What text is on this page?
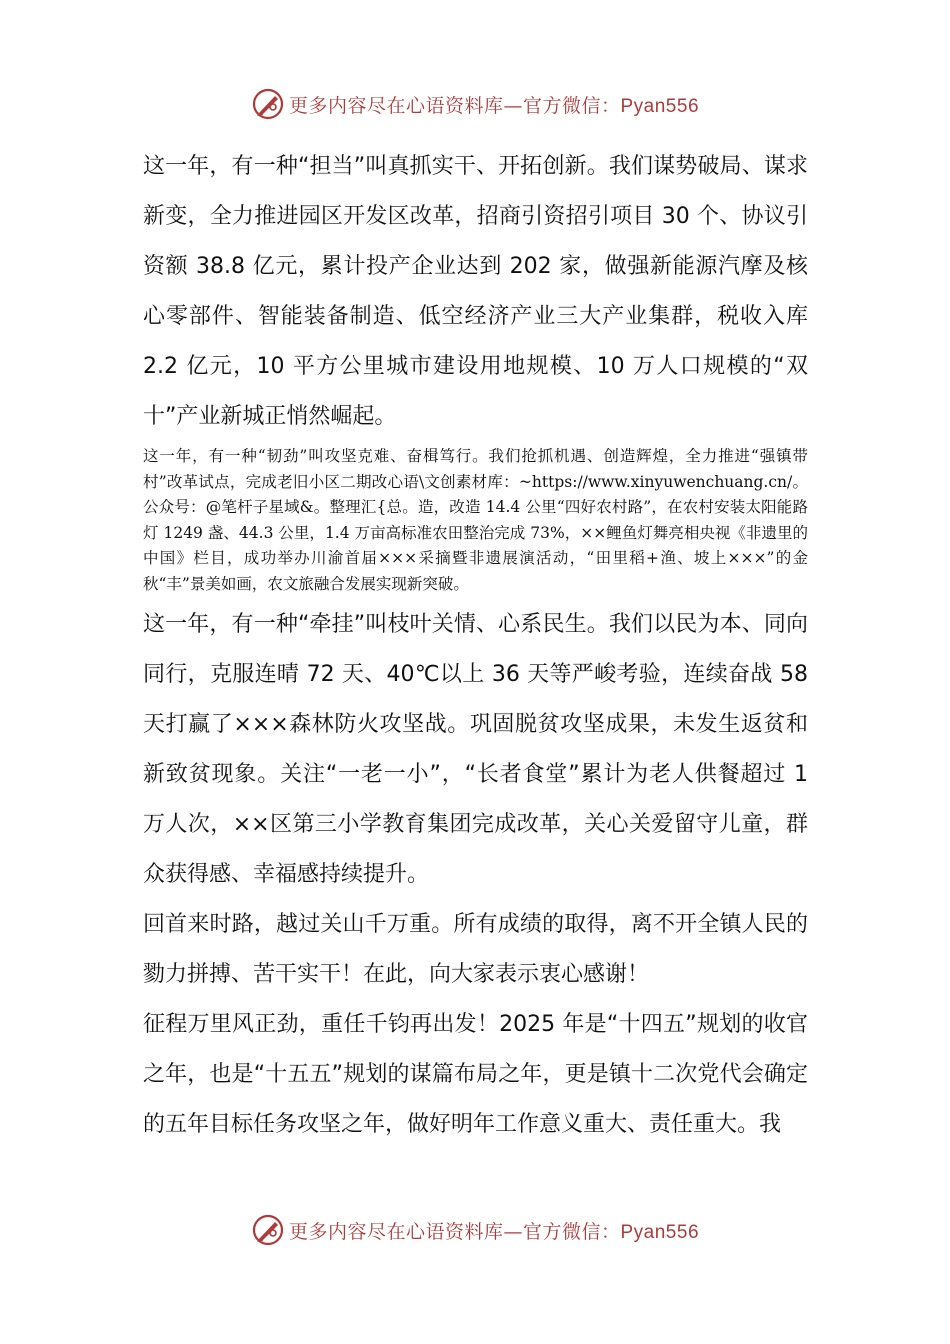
更多内容尽在心语资料库—官方微信：Pyan556

这一年，有一种“担当”叫真抓实干、开拓创新。我们谋势破局、谋求新变，全力推进园区开发区改革，招商引资招引项目 30 个、协议引资额 38.8 亿元，累计投产企业达到 202 家，做强新能源汽摩及核心零部件、智能装备制造、低空经济产业三大产业集群，税收入库 2.2 亿元，10 平方公里城市建设用地规模、10 万人口规模的“双十”产业新城正悄然崛起。

这一年，有一种“韧劲”叫攻坚克难、奋楫笃行。我们抢抓机遇、创造辉煌，全力推进“强镇带村”改革试点，完成老旧小区二期改心语\文创素材库：~https://www.xinyuwenchuang.cn/。公众号：@笔杆子星域&。整理汇{总。造，改造 14.4 公里“四好农村路”，在农村安装太阳能路灯 1249 盏、44.3 公里，1.4 万亩高标准农田整治完成 73%，××鲤鱼灯舞亮相央视《非遗里的中国》栏目，成功举办川渝首届×××采摘暨非遗展演活动，“田里稻+渔、坡上×××”的金秋“丰”景美如画，农文旅融合发展实现新突破。

这一年，有一种“牵挂”叫枝叶关情、心系民生。我们以民为本、同向同行，克服连晴 72 天、40℃以上 36 天等严峻考验，连续奋战 58 天打赢了×××森林防火攻坚战。巩固脱贫攻坚成果，未发生返贫和新致贫现象。关注“一老一小”，“长者食堂”累计为老人供餐超过 1 万人次，××区第三小学教育集团完成改革，关心关爱留守儿童，群众获得感、幸福感持续提升。

回首来时路，越过关山千万重。所有成绩的取得，离不开全镇人民的勠力拼搏、苦干实干！在此，向大家表示衷心感谢！

征程万里风正劲，重任千钧再出发！2025 年是“十四五”规划的收官之年，也是“十五五”规划的谋篇布局之年，更是镇十二次党代会确定的五年目标任务攻坚之年，做好明年工作意义重大、责任重大。我

更多内容尽在心语资料库—官方微信：Pyan556
